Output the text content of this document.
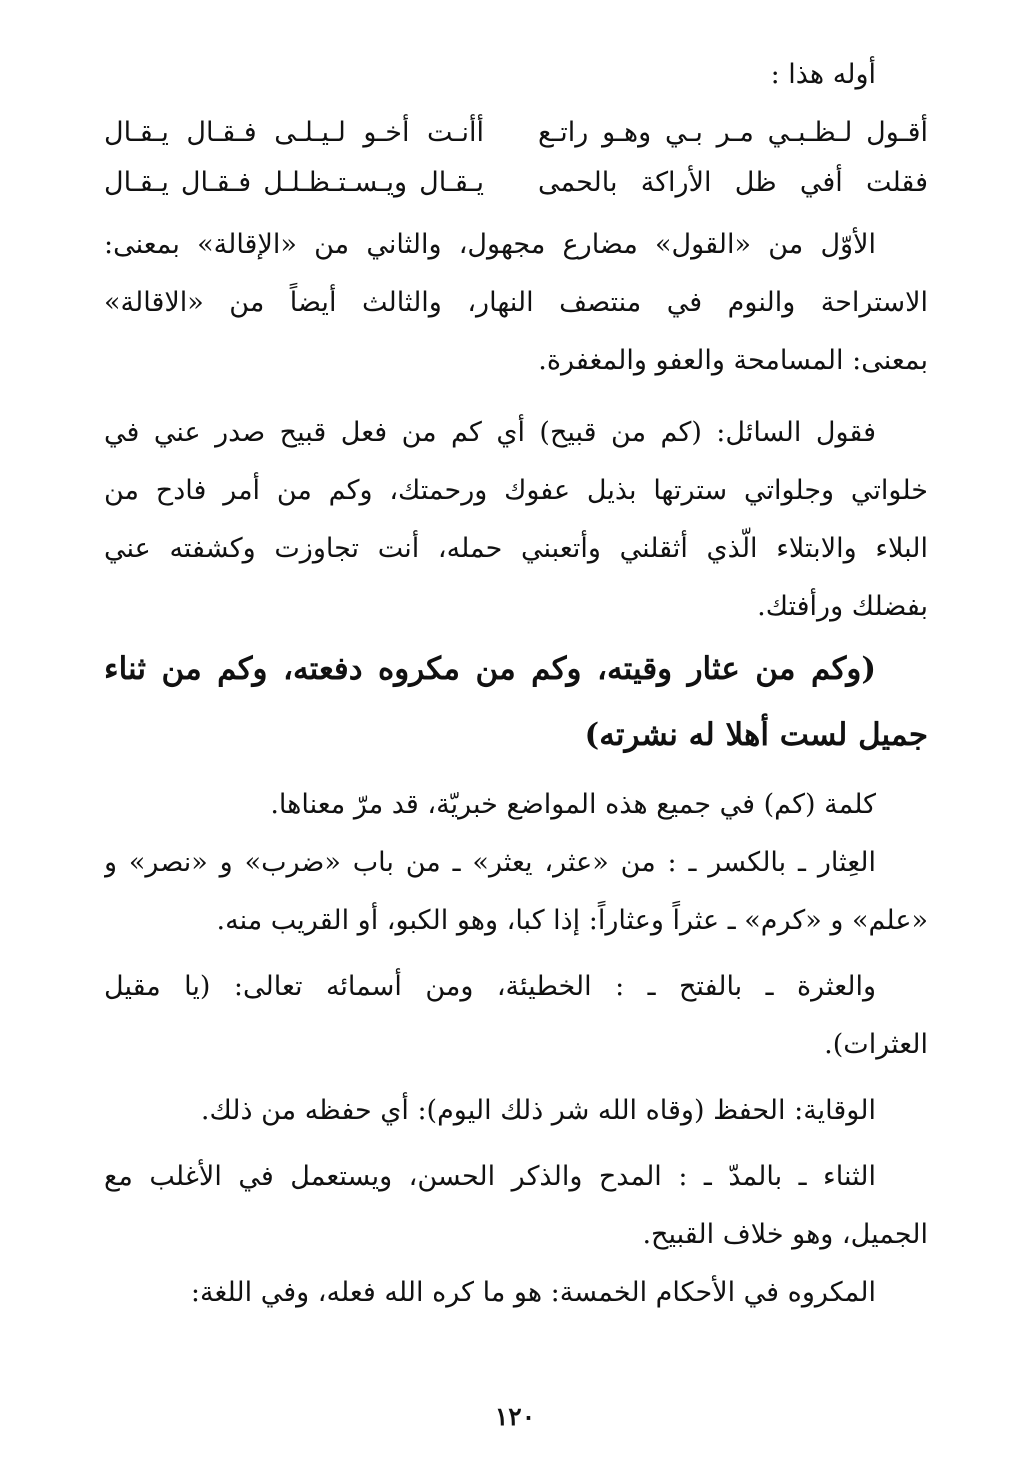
أوله هذا :
أقـول لـظـبـي مـر بـي وهـو راتـع
أأنـت أخـو لـيـلـى فـقـال يـقـال
فقلت أفي ظل الأراكة بالحمى
يـقـال ويـسـتـظـلـل فـقـال يـقـال
الأوّل من «القول» مضارع مجهول، والثاني من «الإقالة» بمعنى:
الاستراحة والنوم في منتصف النهار، والثالث أيضاً من «الاقالة»
بمعنى: المسامحة والعفو والمغفرة.
فقول السائل: (كم من قبيح) أي كم من فعل قبيح صدر عني في
خلواتي وجلواتي سترتها بذيل عفوك ورحمتك، وكم من أمر فادح من
البلاء والابتلاء الّذي أثقلني وأتعبني حمله، أنت تجاوزت وكشفته عني
بفضلك ورأفتك.
(وكم من عثار وقيته، وكم من مكروه دفعته، وكم من ثناء
جميل لست أهلا له نشرته)
كلمة (كم) في جميع هذه المواضع خبريّة، قد مرّ معناها.
العِثار ـ بالكسر ـ : من «عثر، يعثر» ـ من باب «ضرب» و «نصر» و
«علم» و «كرم» ـ عثراً وعثاراً: إذا كبا، وهو الكبو، أو القريب منه.
والعثرة ـ بالفتح ـ : الخطيئة، ومن أسمائه تعالى: (يا مقيل
العثرات).
الوقاية: الحفظ (وقاه الله شر ذلك اليوم): أي حفظه من ذلك.
الثناء ـ بالمدّ ـ : المدح والذكر الحسن، ويستعمل في الأغلب مع
الجميل، وهو خلاف القبيح.
المكروه في الأحكام الخمسة: هو ما كره الله فعله، وفي اللغة:
١٢٠
